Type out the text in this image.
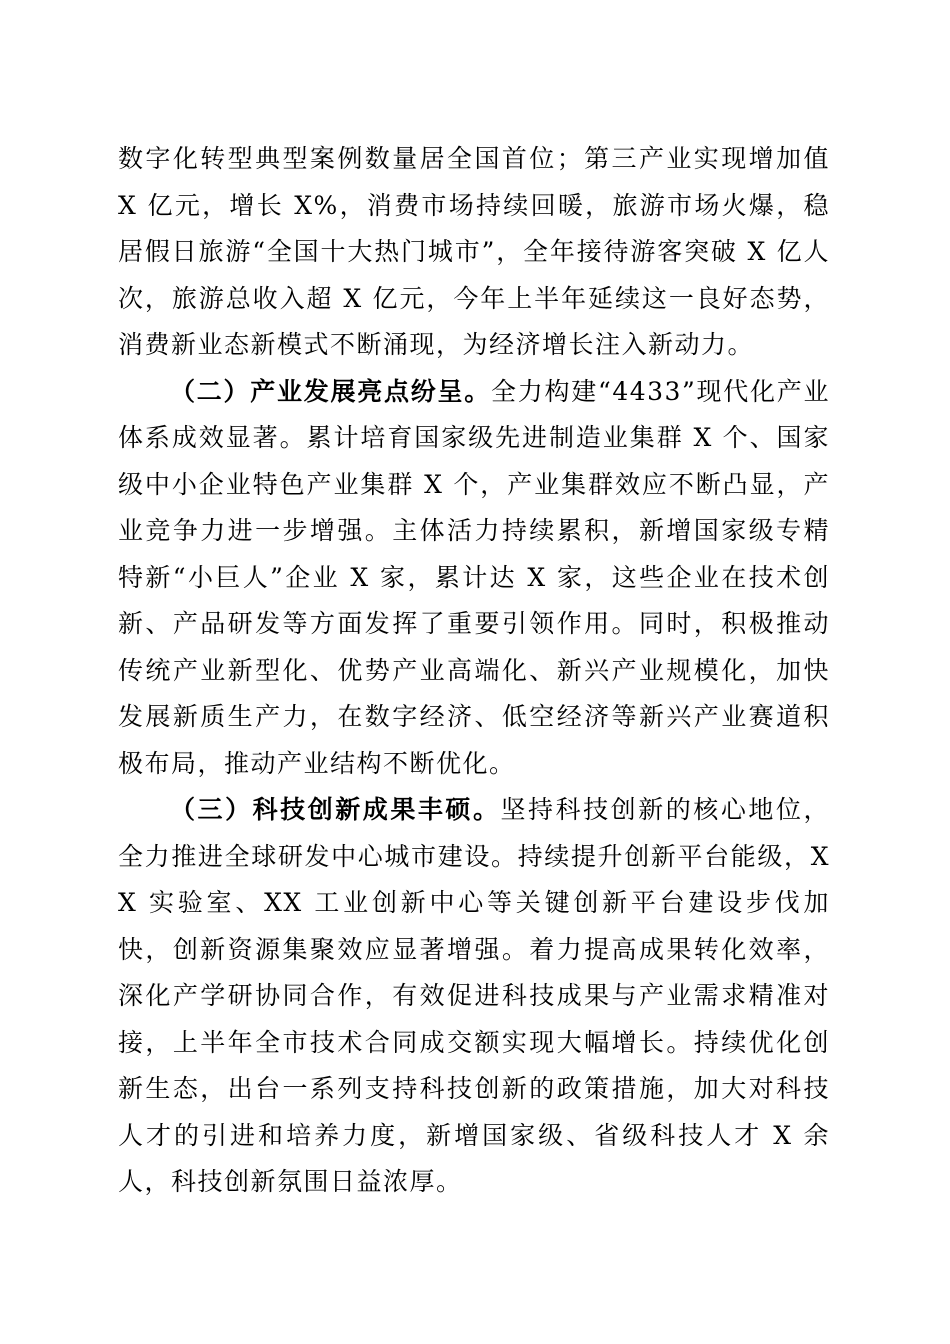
数字化转型典型案例数量居全国首位；第三产业实现增加值 X 亿元，增长 X%，消费市场持续回暖，旅游市场火爆，稳居假日旅游“全国十大热门城市”，全年接待游客突破 X 亿人次，旅游总收入超 X 亿元，今年上半年延续这一良好态势，消费新业态新模式不断涌现，为经济增长注入新动力。

（二）产业发展亮点纷呈。全力构建“4433”现代化产业体系成效显著。累计培育国家级先进制造业集群 X 个、国家级中小企业特色产业集群 X 个，产业集群效应不断凸显，产业竞争力进一步增强。主体活力持续累积，新增国家级专精特新“小巨人”企业 X 家，累计达 X 家，这些企业在技术创新、产品研发等方面发挥了重要引领作用。同时，积极推动传统产业新型化、优势产业高端化、新兴产业规模化，加快发展新质生产力，在数字经济、低空经济等新兴产业赛道积极布局，推动产业结构不断优化。

（三）科技创新成果丰硕。坚持科技创新的核心地位，全力推进全球研发中心城市建设。持续提升创新平台能级，XX 实验室、XX 工业创新中心等关键创新平台建设步伐加快，创新资源集聚效应显著增强。着力提高成果转化效率，深化产学研协同合作，有效促进科技成果与产业需求精准对接，上半年全市技术合同成交额实现大幅增长。持续优化创新生态，出台一系列支持科技创新的政策措施，加大对科技人才的引进和培养力度，新增国家级、省级科技人才 X 余人，科技创新氛围日益浓厚。
